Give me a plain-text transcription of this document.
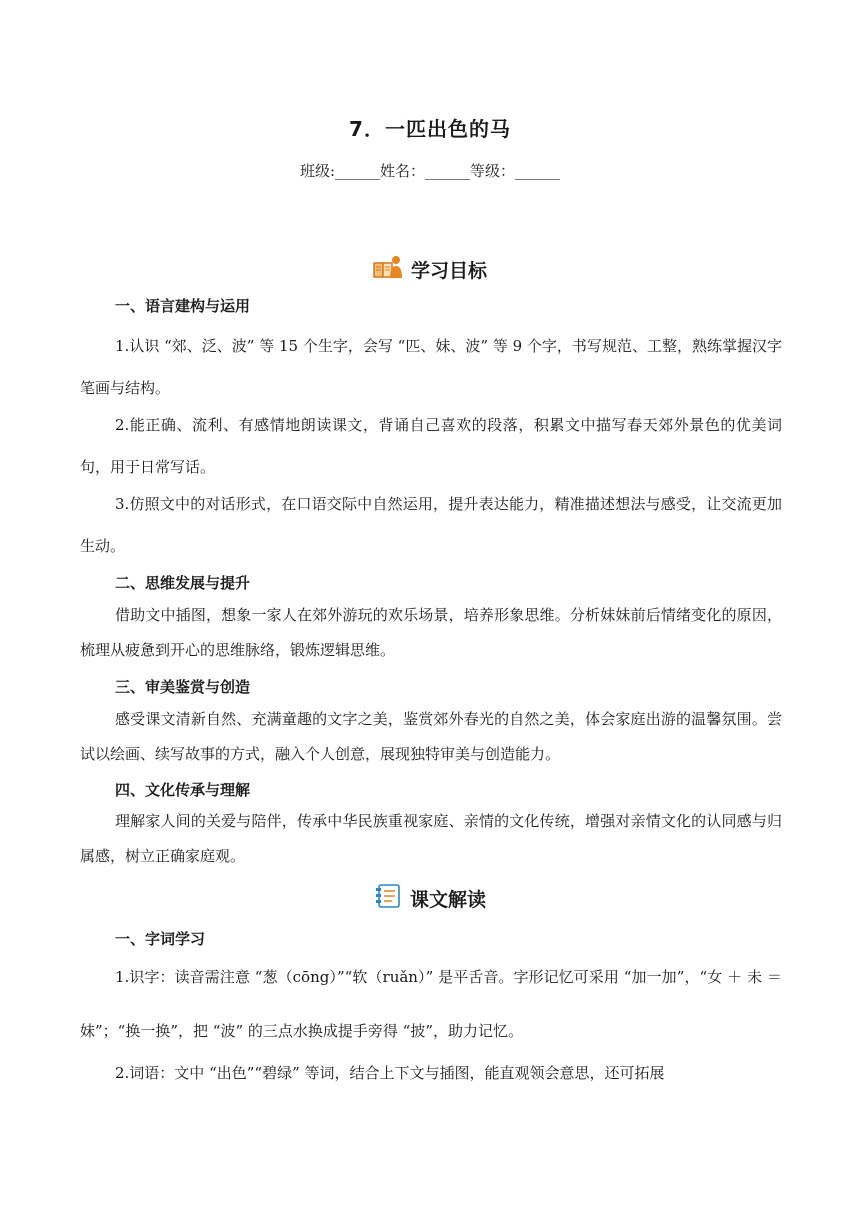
7．一匹出色的马
班级:______姓名：______等级：______
学习目标
一、语言建构与运用
1.认识 “郊、泛、波” 等 15 个生字，会写 “匹、妹、波” 等 9 个字，书写规范、工整，熟练掌握汉字笔画与结构。
2.能正确、流利、有感情地朗读课文，背诵自己喜欢的段落，积累文中描写春天郊外景色的优美词句，用于日常写话。
3.仿照文中的对话形式，在口语交际中自然运用，提升表达能力，精准描述想法与感受，让交流更加生动。
二、思维发展与提升
借助文中插图，想象一家人在郊外游玩的欢乐场景，培养形象思维。分析妹妹前后情绪变化的原因，梳理从疲惫到开心的思维脉络，锻炼逻辑思维。
三、审美鉴赏与创造
感受课文清新自然、充满童趣的文字之美，鉴赏郊外春光的自然之美，体会家庭出游的温馨氛围。尝试以绘画、续写故事的方式，融入个人创意，展现独特审美与创造能力。
四、文化传承与理解
理解家人间的关爱与陪伴，传承中华民族重视家庭、亲情的文化传统，增强对亲情文化的认同感与归属感，树立正确家庭观。
课文解读
一、字词学习
1.识字：读音需注意 “葱（cōng）”“软（ruǎn）” 是平舌音。字形记忆可采用 “加一加”，“女 ＋ 未 ＝ 妹”；“换一换”，把 “波” 的三点水换成提手旁得 “披”，助力记忆。
2.词语：文中 “出色”“碧绿” 等词，结合上下文与插图，能直观领会意思，还可拓展
